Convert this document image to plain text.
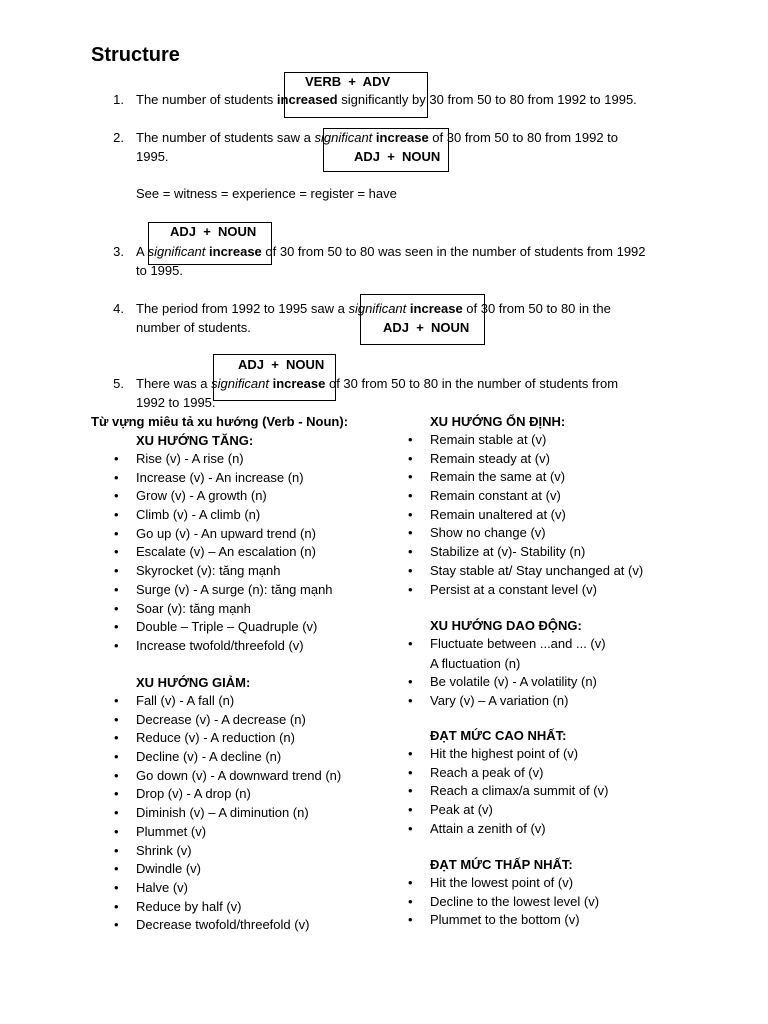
Structure
VERB  +  ADV
1. The number of students increased significantly by 30 from 50 to 80 from 1992 to 1995.
2. The number of students saw a significant increase of 30 from 50 to 80 from 1992 to
1995.	ADJ  +  NOUN
See = witness = experience = register = have
ADJ  +  NOUN
3. A significant increase of 30 from 50 to 80 was seen in the number of students from 1992
to 1995.
4. The period from 1992 to 1995 saw a significant increase of 30 from 50 to 80 in the
number of students.	ADJ  +  NOUN
ADJ  +  NOUN
5. There was a significant increase of 30 from 50 to 80 in the number of students from
1992 to 1995.
Từ vựng miêu tả xu hướng (Verb - Noun):
XU HƯỚNG TĂNG:
• Rise (v) - A rise (n)
• Increase (v) - An increase (n)
• Grow (v) - A growth (n)
• Climb (v) - A climb (n)
• Go up (v) - An upward trend (n)
• Escalate (v) – An escalation (n)
• Skyrocket (v): tăng mạnh
• Surge (v) - A surge (n): tăng mạnh
• Soar (v): tăng mạnh
• Double – Triple – Quadruple (v)
• Increase twofold/threefold (v)
XU HƯỚNG GIẢM:
• Fall (v) - A fall (n)
• Decrease (v) - A decrease (n)
• Reduce (v) - A reduction (n)
• Decline (v) - A decline (n)
• Go down (v) - A downward trend (n)
• Drop (v) - A drop (n)
• Diminish (v) – A diminution (n)
• Plummet (v)
• Shrink (v)
• Dwindle (v)
• Halve (v)
• Reduce by half (v)
• Decrease twofold/threefold (v)
XU HƯỚNG ỔN ĐỊNH:
• Remain stable at (v)
• Remain steady at (v)
• Remain the same at (v)
• Remain constant at (v)
• Remain unaltered at (v)
• Show no change (v)
• Stabilize at (v)- Stability (n)
• Stay stable at/ Stay unchanged at (v)
• Persist at a constant level (v)
XU HƯỚNG DAO ĐỘNG:
• Fluctuate between ...and ... (v)
A fluctuation (n)
• Be volatile (v) - A volatility (n)
• Vary (v) – A variation (n)
ĐẠT MỨC CAO NHẤT:
• Hit the highest point of (v)
• Reach a peak of (v)
• Reach a climax/a summit of (v)
• Peak at (v)
• Attain a zenith of (v)
ĐẠT MỨC THẤP NHẤT:
• Hit the lowest point of (v)
• Decline to the lowest level (v)
• Plummet to the bottom (v)
